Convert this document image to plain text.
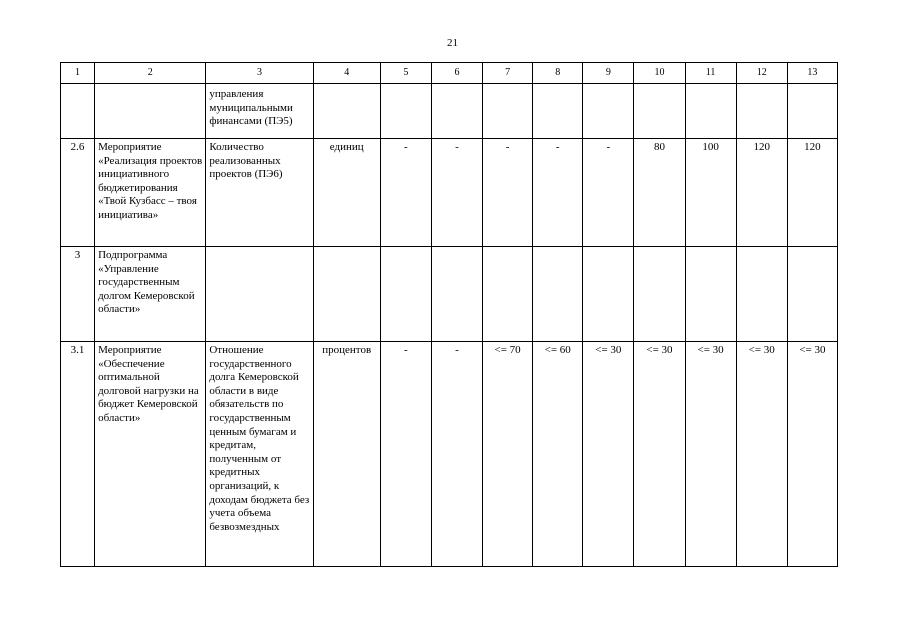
21
1	2	3	4	5	6	7	8	9	10	11	12	13
		управления муниципальными финансами (ПЭ5)										
2.6	Мероприятие «Реализация проектов инициативного бюджетирования «Твой Кузбасс – твоя инициатива»	Количество реализованных проектов (ПЭ6)	единиц	-	-	-	-	-	80	100	120	120
3	Подпрограмма «Управление государственным долгом Кемеровской области»											
3.1	Мероприятие «Обеспечение оптимальной долговой нагрузки на бюджет Кемеровской области»	Отношение государственного долга Кемеровской области в виде обязательств по государственным ценным бумагам и кредитам, полученным от кредитных организаций, к доходам бюджета без учета объема безвозмездных	процентов	-	-	<= 70	<= 60	<= 30	<= 30	<= 30	<= 30	<= 30
